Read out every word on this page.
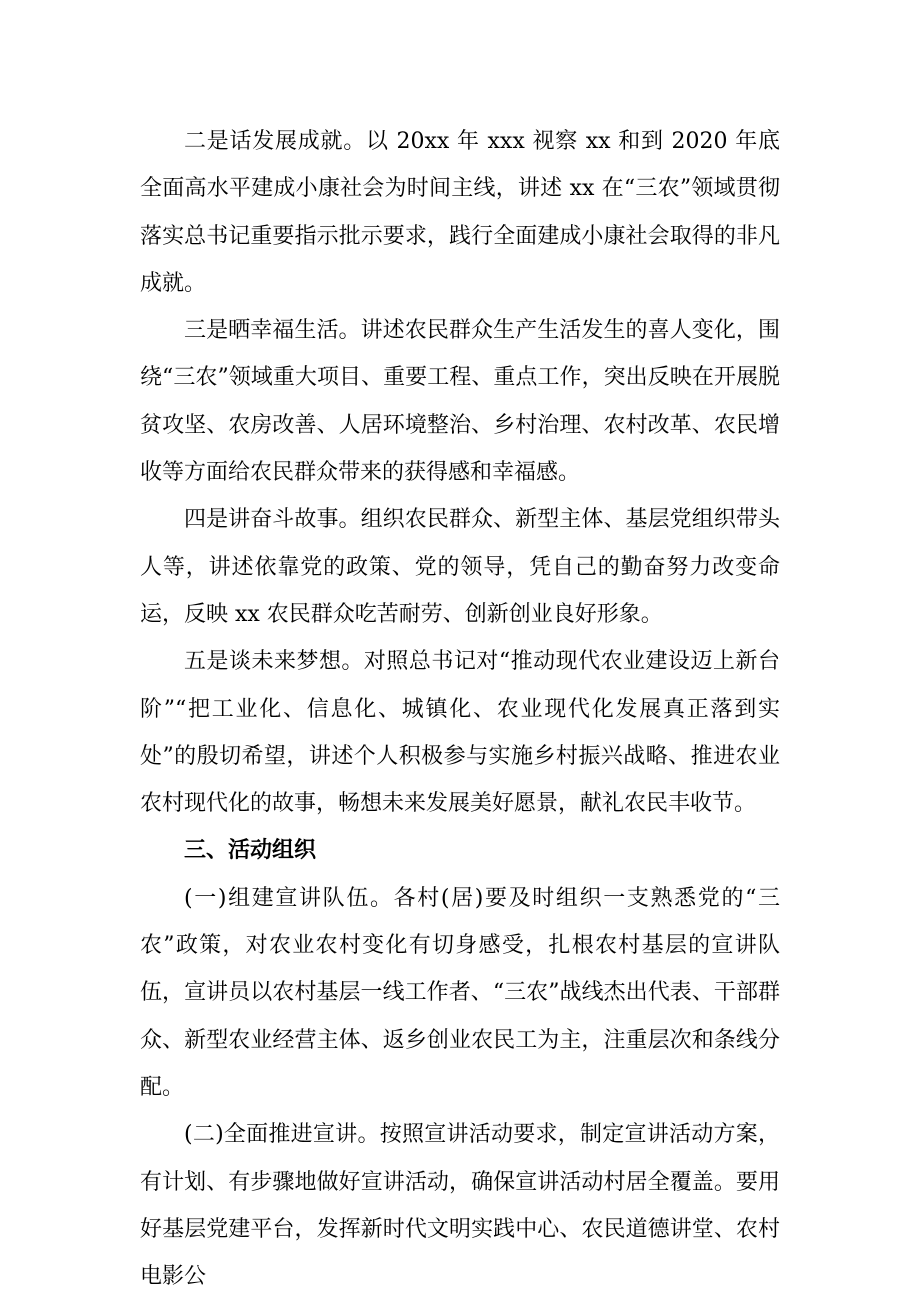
二是话发展成就。以 20xx 年 xxx 视察 xx 和到 2020 年底全面高水平建成小康社会为时间主线，讲述 xx 在“三农”领域贯彻落实总书记重要指示批示要求，践行全面建成小康社会取得的非凡成就。

三是晒幸福生活。讲述农民群众生产生活发生的喜人变化，围绕“三农”领域重大项目、重要工程、重点工作，突出反映在开展脱贫攻坚、农房改善、人居环境整治、乡村治理、农村改革、农民增收等方面给农民群众带来的获得感和幸福感。

四是讲奋斗故事。组织农民群众、新型主体、基层党组织带头人等，讲述依靠党的政策、党的领导，凭自己的勤奋努力改变命运，反映 xx 农民群众吃苦耐劳、创新创业良好形象。

五是谈未来梦想。对照总书记对“推动现代农业建设迈上新台阶”“把工业化、信息化、城镇化、农业现代化发展真正落到实处”的殷切希望，讲述个人积极参与实施乡村振兴战略、推进农业农村现代化的故事，畅想未来发展美好愿景，献礼农民丰收节。

三、活动组织

(一)组建宣讲队伍。各村(居)要及时组织一支熟悉党的“三农”政策，对农业农村变化有切身感受，扎根农村基层的宣讲队伍，宣讲员以农村基层一线工作者、“三农”战线杰出代表、干部群众、新型农业经营主体、返乡创业农民工为主，注重层次和条线分配。

(二)全面推进宣讲。按照宣讲活动要求，制定宣讲活动方案，有计划、有步骤地做好宣讲活动，确保宣讲活动村居全覆盖。要用好基层党建平台，发挥新时代文明实践中心、农民道德讲堂、农村电影公
